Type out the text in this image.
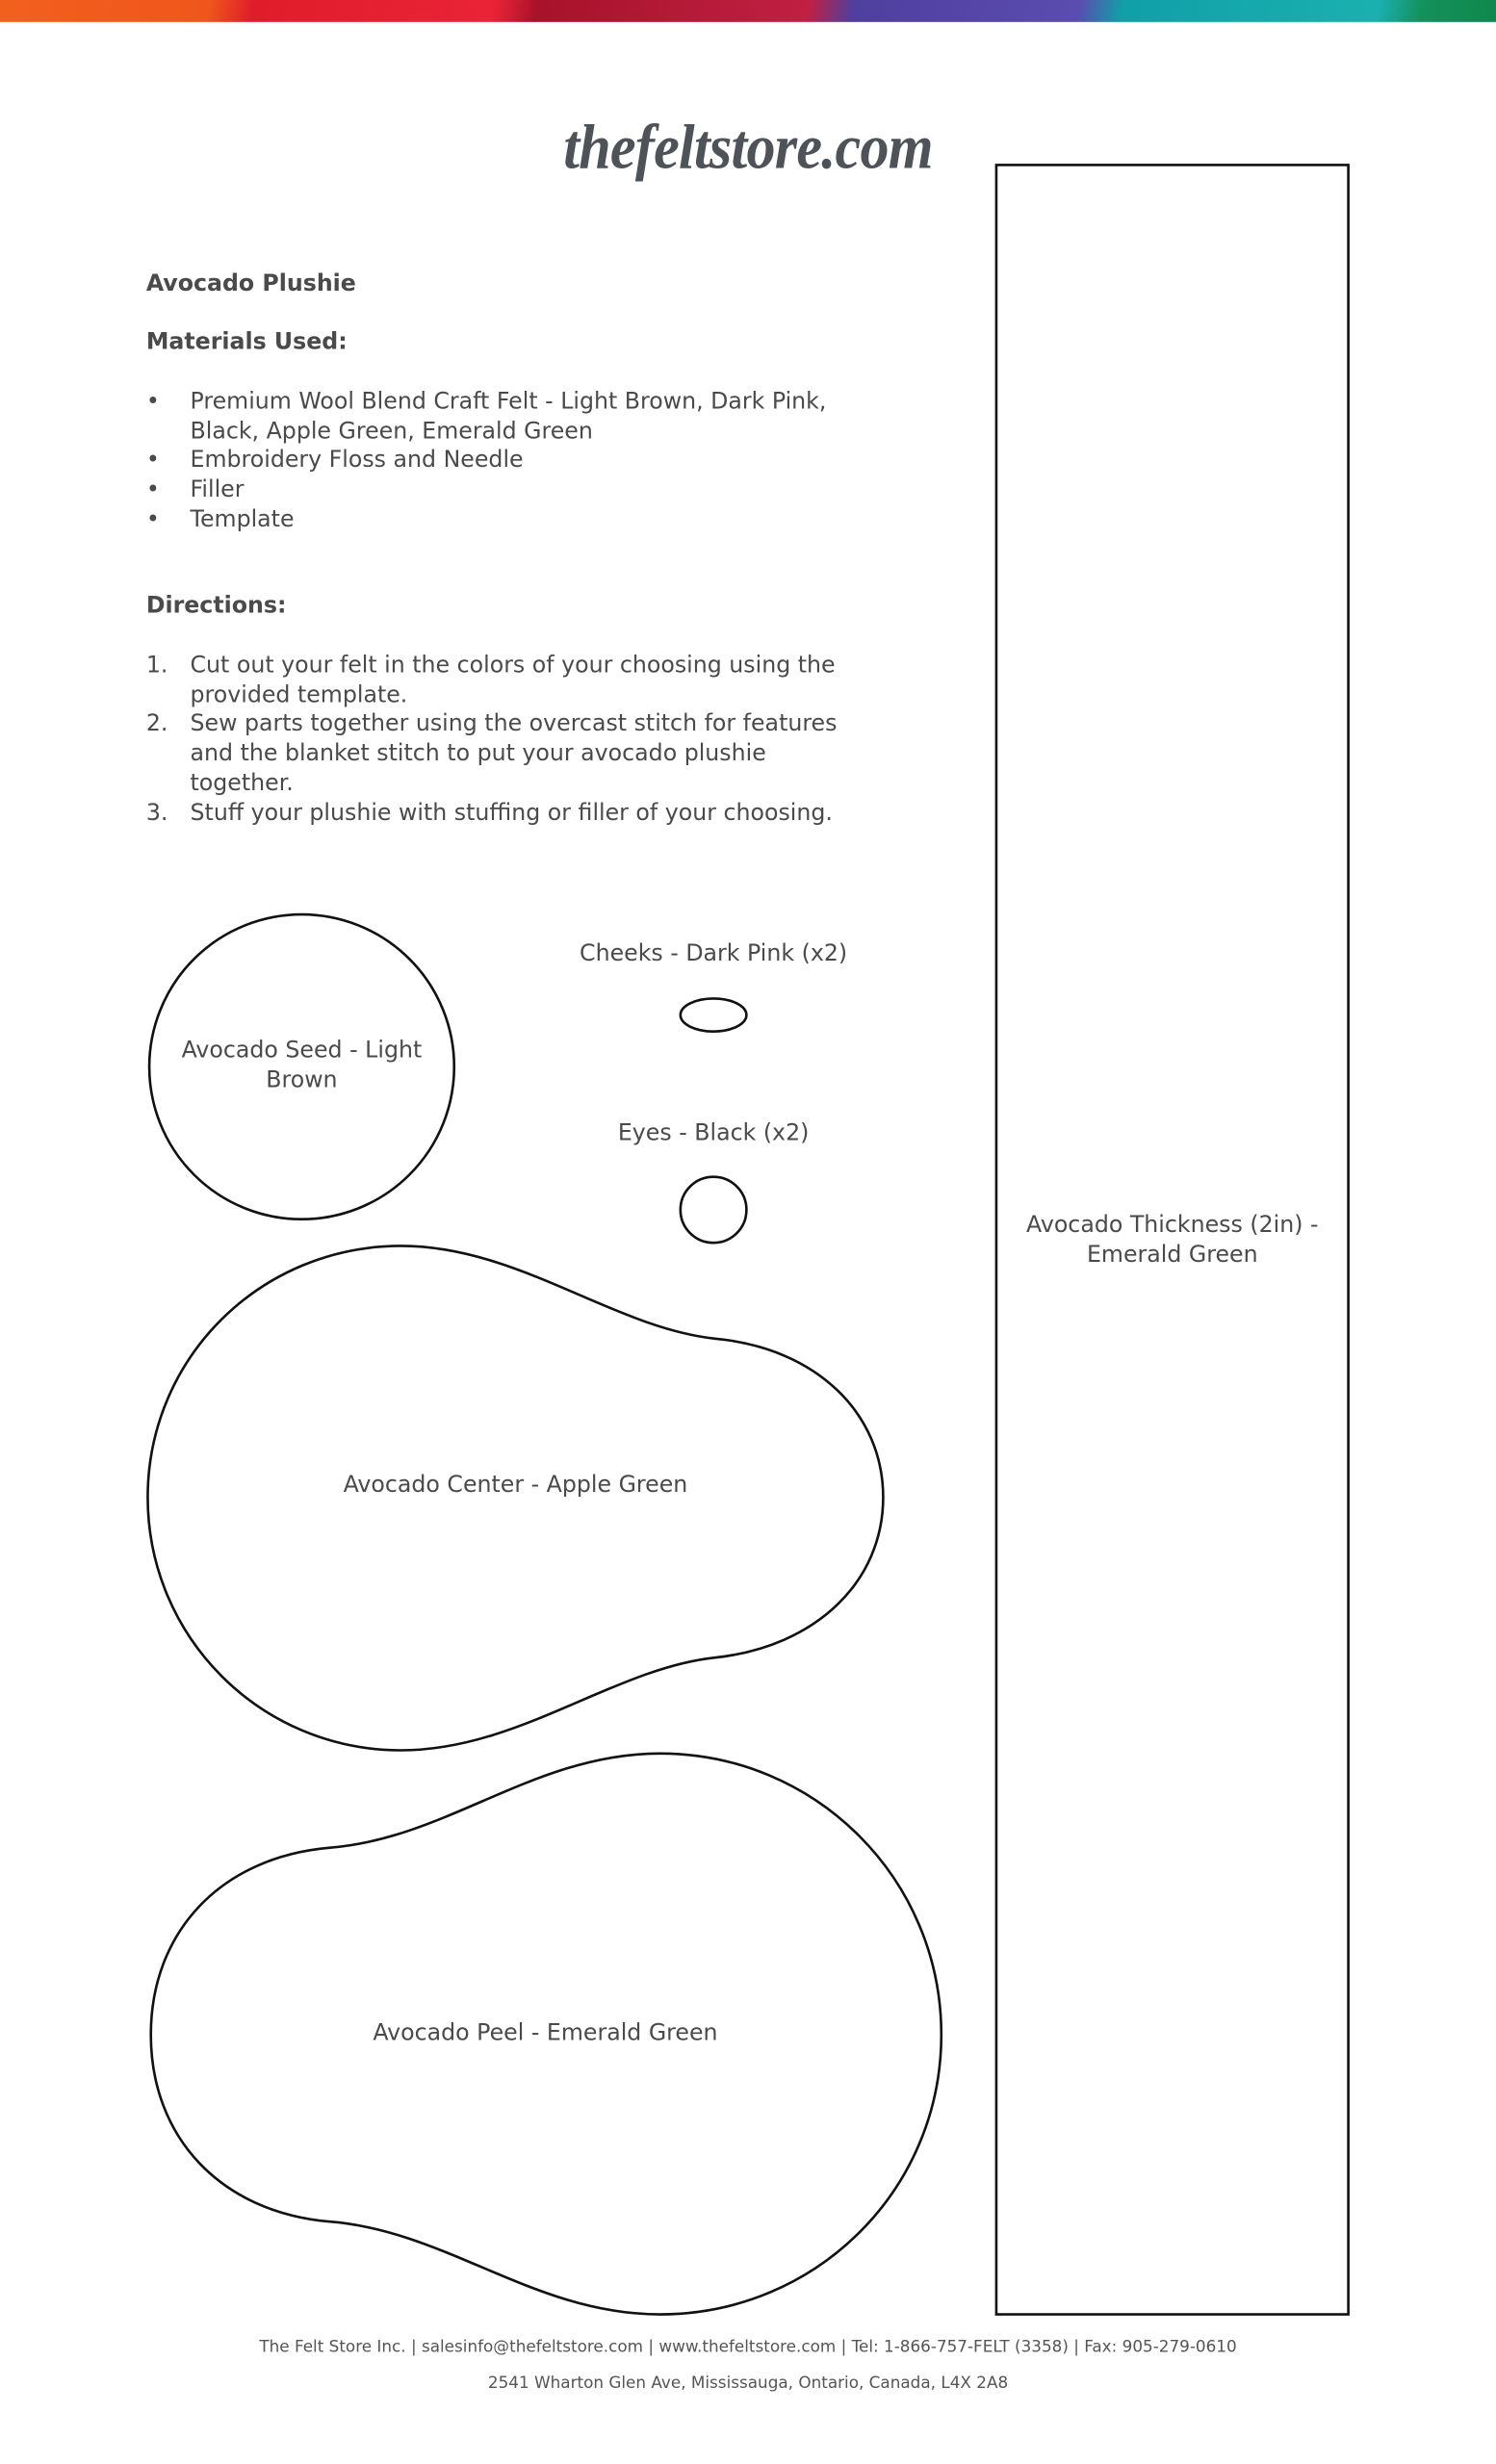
thefeltstore.com
Avocado Plushie
Materials Used:
• Premium Wool Blend Craft Felt - Light Brown, Dark Pink, Black, Apple Green, Emerald Green
• Embroidery Floss and Needle
• Filler
• Template
Directions:
1. Cut out your felt in the colors of your choosing using the provided template.
2. Sew parts together using the overcast stitch for features and the blanket stitch to put your avocado plushie together.
3. Stuff your plushie with stuffing or filler of your choosing.
Avocado Seed - Light Brown
Cheeks - Dark Pink (x2)
Eyes - Black (x2)
Avocado Center - Apple Green
Avocado Peel - Emerald Green
Avocado Thickness (2in) - Emerald Green
The Felt Store Inc. | salesinfo@thefeltstore.com | www.thefeltstore.com | Tel: 1-866-757-FELT (3358) | Fax: 905-279-0610
2541 Wharton Glen Ave, Mississauga, Ontario, Canada, L4X 2A8
